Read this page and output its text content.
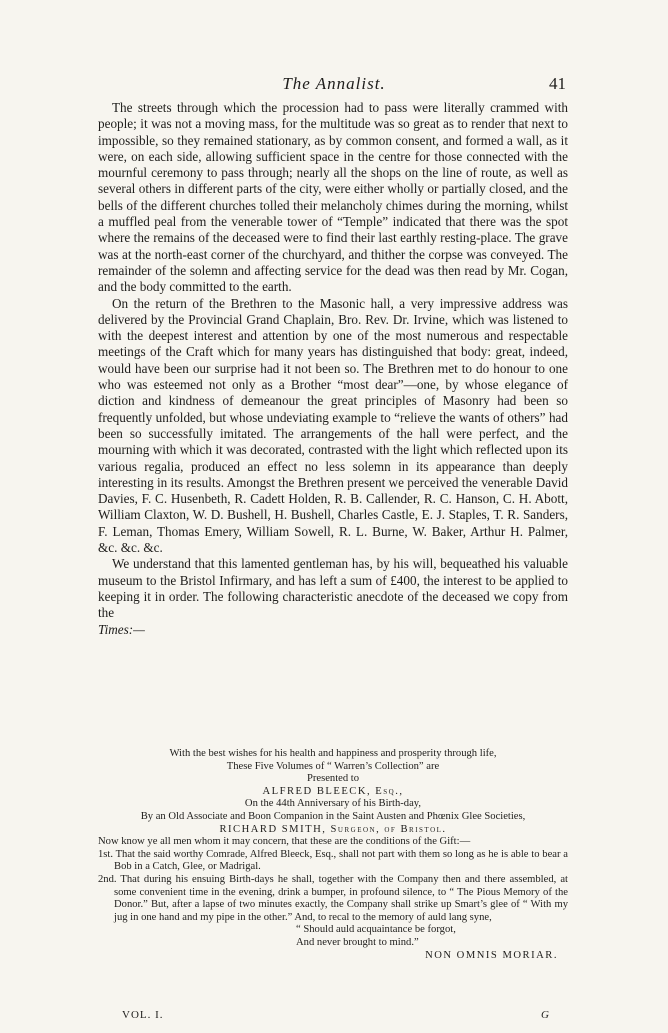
The Annalist.	41

The streets through which the procession had to pass were literally crammed with people; it was not a moving mass, for the multitude was so great as to render that next to impossible, so they remained stationary, as by common consent, and formed a wall, as it were, on each side, allowing sufficient space in the centre for those connected with the mournful ceremony to pass through; nearly all the shops on the line of route, as well as several others in different parts of the city, were either wholly or partially closed, and the bells of the different churches tolled their melancholy chimes during the morning, whilst a muffled peal from the venerable tower of “Temple” indicated that there was the spot where the remains of the deceased were to find their last earthly resting-place. The grave was at the north-east corner of the churchyard, and thither the corpse was conveyed. The remainder of the solemn and affecting service for the dead was then read by Mr. Cogan, and the body committed to the earth.

On the return of the Brethren to the Masonic hall, a very impressive address was delivered by the Provincial Grand Chaplain, Bro. Rev. Dr. Irvine, which was listened to with the deepest interest and attention by one of the most numerous and respectable meetings of the Craft which for many years has distinguished that body: great, indeed, would have been our surprise had it not been so. The Brethren met to do honour to one who was esteemed not only as a Brother “most dear”—one, by whose elegance of diction and kindness of demeanour the great principles of Masonry had been so frequently unfolded, but whose undeviating example to “relieve the wants of others” had been so successfully imitated. The arrangements of the hall were perfect, and the mourning with which it was decorated, contrasted with the light which reflected upon its various regalia, produced an effect no less solemn in its appearance than deeply interesting in its results. Amongst the Brethren present we perceived the venerable David Davies, F. C. Husenbeth, R. Cadett Holden, R. B. Callender, R. C. Hanson, C. H. Abott, William Claxton, W. D. Bushell, H. Bushell, Charles Castle, E. J. Staples, T. R. Sanders, F. Leman, Thomas Emery, William Sowell, R. L. Burne, W. Baker, Arthur H. Palmer, &c. &c. &c.

We understand that this lamented gentleman has, by his will, bequeathed his valuable museum to the Bristol Infirmary, and has left a sum of £400, the interest to be applied to keeping it in order. The following characteristic anecdote of the deceased we copy from the

Times:—

With the best wishes for his health and happiness and prosperity through life,
These Five Volumes of “ Warren’s Collection” are
Presented to
ALFRED BLEECK, Esq.,
On the 44th Anniversary of his Birth-day,
By an Old Associate and Boon Companion in the Saint Austen and Phœnix Glee Societies,
RICHARD SMITH, Surgeon, of Bristol.
Now know ye all men whom it may concern, that these are the conditions of the Gift:—
1st. That the said worthy Comrade, Alfred Bleeck, Esq., shall not part with them so long as he is able to bear a Bob in a Catch, Glee, or Madrigal.
2nd. That during his ensuing Birth-days he shall, together with the Company then and there assembled, at some convenient time in the evening, drink a bumper, in profound silence, to “ The Pious Memory of the Donor.” But, after a lapse of two minutes exactly, the Company shall strike up Smart’s glee of “ With my jug in one hand and my pipe in the other.” And, to recal to the memory of auld lang syne,
“ Should auld acquaintance be forgot,
And never brought to mind.”
NON OMNIS MORIAR.
VOL. I.	G
